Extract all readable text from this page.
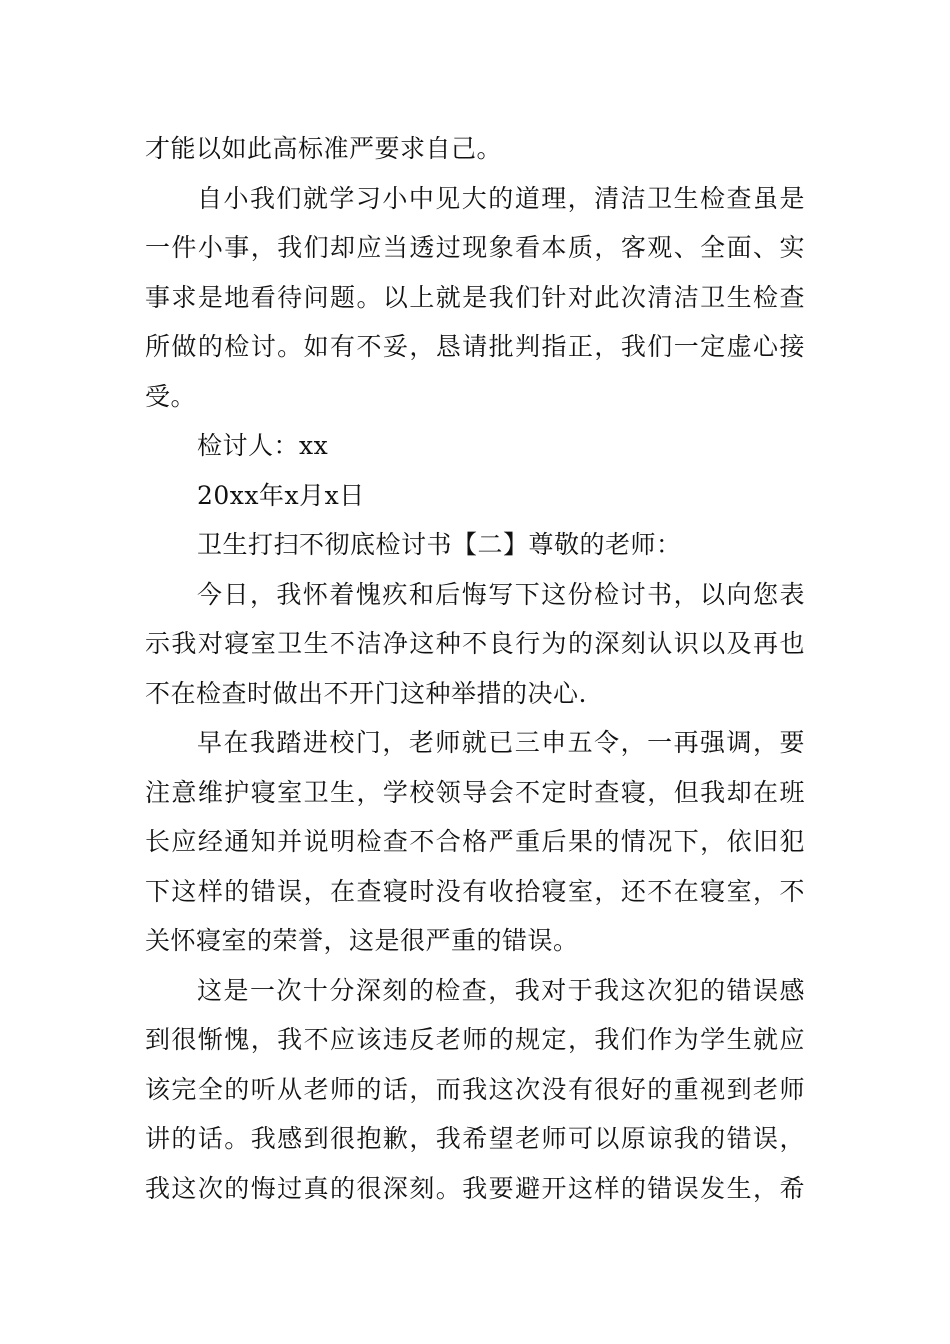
才能以如此高标准严要求自己。
自小我们就学习小中见大的道理，清洁卫生检查虽是
一件小事，我们却应当透过现象看本质，客观、全面、实
事求是地看待问题。以上就是我们针对此次清洁卫生检查
所做的检讨。如有不妥，恳请批判指正，我们一定虚心接
受。
检讨人：xx
20xx年x月x日
卫生打扫不彻底检讨书【二】尊敬的老师：
今日，我怀着愧疚和后悔写下这份检讨书，以向您表
示我对寝室卫生不洁净这种不良行为的深刻认识以及再也
不在检查时做出不开门这种举措的决心.
早在我踏进校门，老师就已三申五令，一再强调，要
注意维护寝室卫生，学校领导会不定时查寝，但我却在班
长应经通知并说明检查不合格严重后果的情况下，依旧犯
下这样的错误，在查寝时没有收拾寝室，还不在寝室，不
关怀寝室的荣誉，这是很严重的错误。
这是一次十分深刻的检查，我对于我这次犯的错误感
到很惭愧，我不应该违反老师的规定，我们作为学生就应
该完全的听从老师的话，而我这次没有很好的重视到老师
讲的话。我感到很抱歉，我希望老师可以原谅我的错误，
我这次的悔过真的很深刻。我要避开这样的错误发生，希
